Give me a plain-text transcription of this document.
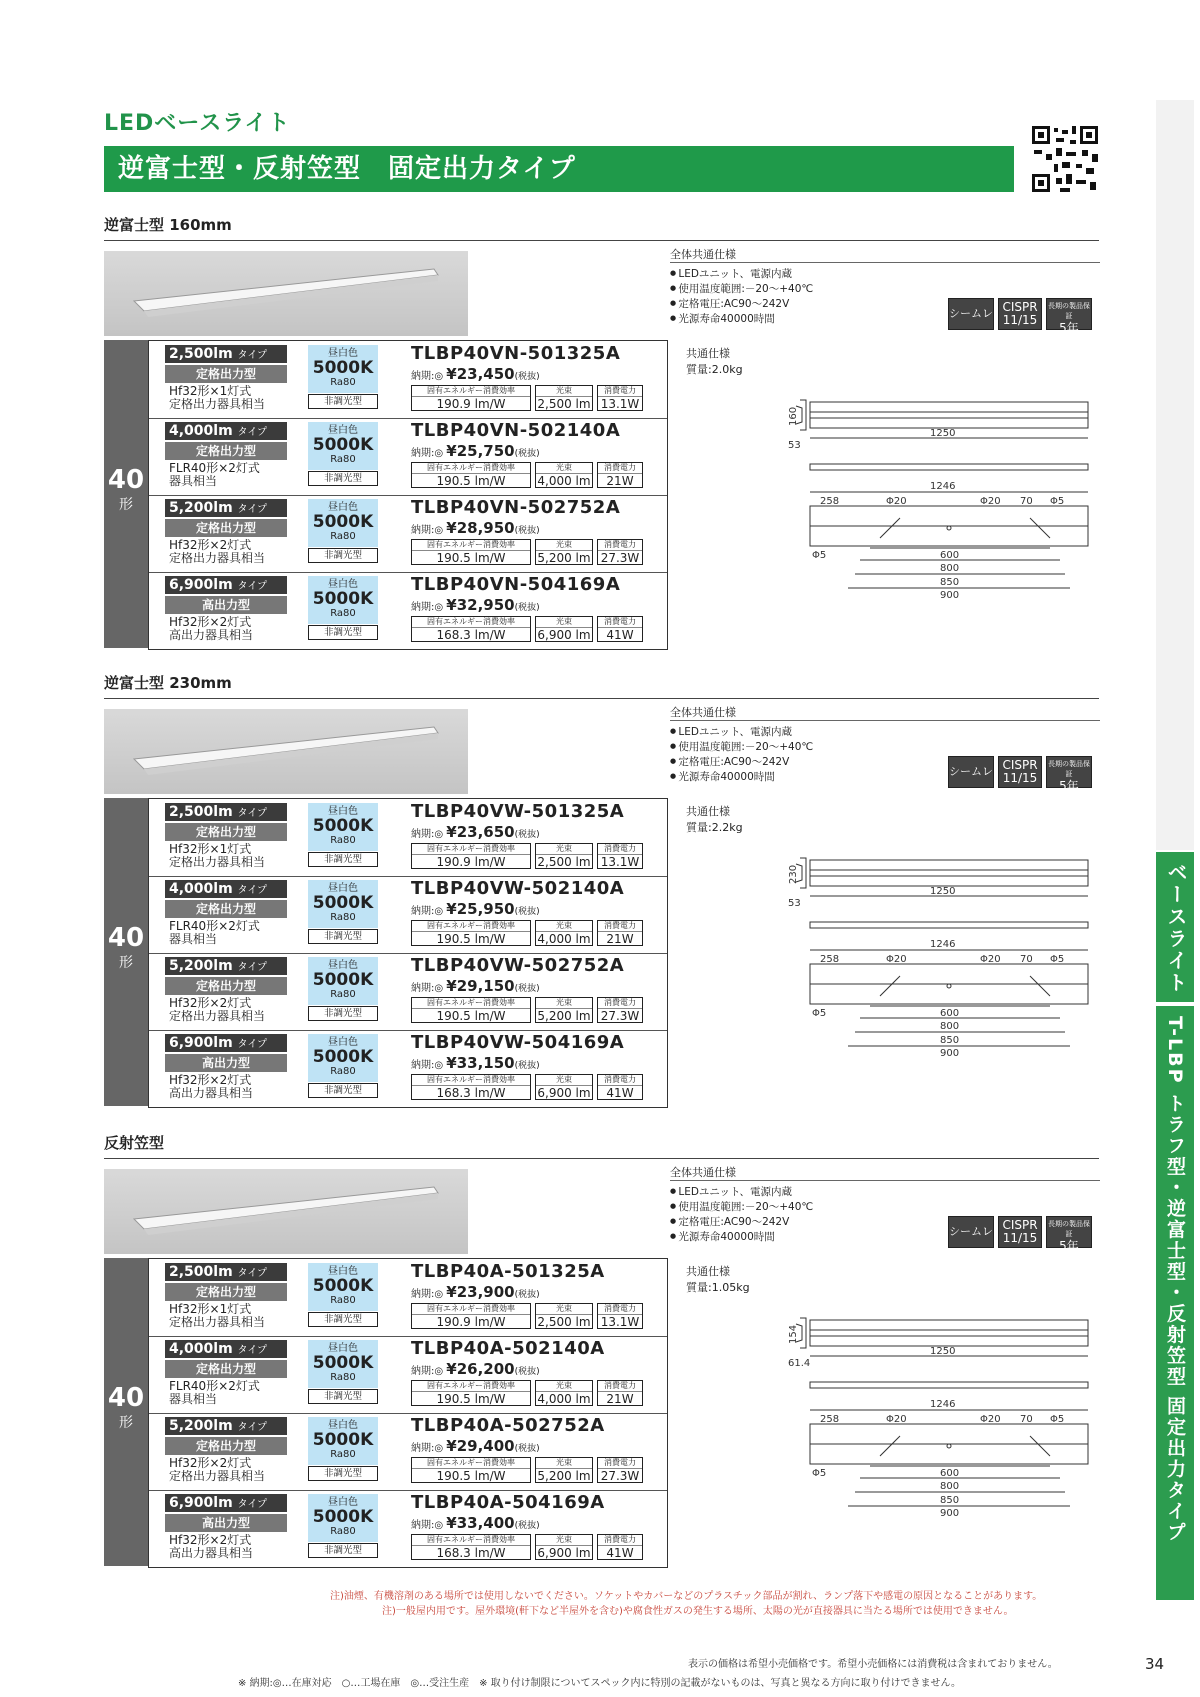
LEDベースライト
逆富士型・反射笠型　固定出力タイプ
ベースライト
T-LBP トラフ型・逆富士型・反射笠型 固定出力タイプ
逆富士型 160mm
全体共通仕様
● LEDユニット、電源内蔵
● 使用温度範囲:－20～+40℃
● 定格電圧:AC90～242V
● 光源寿命40000時間	シームレス
CISPR
11/15
長期の製品保証
5年
40
形
2,500lm タイプ
定格出力型
Hf32形×1灯式
定格出力器具相当
昼白色
5000K
Ra80
非調光型
TLBP40VN-501325A
納期:◎ ¥23,450(税抜)
固有エネルギー消費効率
190.9 lm/W
光束
2,500 lm
消費電力
13.1W
4,000lm タイプ
定格出力型
FLR40形×2灯式
器具相当
昼白色
5000K
Ra80
非調光型
TLBP40VN-502140A
納期:◎ ¥25,750(税抜)
固有エネルギー消費効率
190.5 lm/W
光束
4,000 lm
消費電力
21W
5,200lm タイプ
定格出力型
Hf32形×2灯式
定格出力器具相当
昼白色
5000K
Ra80
非調光型
TLBP40VN-502752A
納期:◎ ¥28,950(税抜)
固有エネルギー消費効率
190.5 lm/W
光束
5,200 lm
消費電力
27.3W
6,900lm タイプ
高出力型
Hf32形×2灯式
高出力器具相当
昼白色
5000K
Ra80
非調光型
TLBP40VN-504169A
納期:◎ ¥32,950(税抜)
固有エネルギー消費効率
168.3 lm/W
光束
6,900 lm
消費電力
41W
共通仕様
質量:2.0kg
1250
1246
258	Φ20	Φ20 70 Φ5
Φ5	600
800
850
900
160
53
逆富士型 230mm
全体共通仕様
● LEDユニット、電源内蔵
● 使用温度範囲:－20～+40℃
● 定格電圧:AC90～242V
● 光源寿命40000時間	シームレス
CISPR
11/15
長期の製品保証
5年
40
形
2,500lm タイプ
定格出力型
Hf32形×1灯式
定格出力器具相当
昼白色
5000K
Ra80
非調光型
TLBP40VW-501325A
納期:◎ ¥23,650(税抜)
固有エネルギー消費効率
190.9 lm/W
光束
2,500 lm
消費電力
13.1W
4,000lm タイプ
定格出力型
FLR40形×2灯式
器具相当
昼白色
5000K
Ra80
非調光型
TLBP40VW-502140A
納期:◎ ¥25,950(税抜)
固有エネルギー消費効率
190.5 lm/W
光束
4,000 lm
消費電力
21W
5,200lm タイプ
定格出力型
Hf32形×2灯式
定格出力器具相当
昼白色
5000K
Ra80
非調光型
TLBP40VW-502752A
納期:◎ ¥29,150(税抜)
固有エネルギー消費効率
190.5 lm/W
光束
5,200 lm
消費電力
27.3W
6,900lm タイプ
高出力型
Hf32形×2灯式
高出力器具相当
昼白色
5000K
Ra80
非調光型
TLBP40VW-504169A
納期:◎ ¥33,150(税抜)
固有エネルギー消費効率
168.3 lm/W
光束
6,900 lm
消費電力
41W
共通仕様
質量:2.2kg
1250
1246
258	Φ20	Φ20 70 Φ5
Φ5	600
800
850
900
230
53
反射笠型
全体共通仕様
● LEDユニット、電源内蔵
● 使用温度範囲:－20～+40℃
● 定格電圧:AC90～242V
● 光源寿命40000時間	シームレス
CISPR
11/15
長期の製品保証
5年
40
形
2,500lm タイプ
定格出力型
Hf32形×1灯式
定格出力器具相当
昼白色
5000K
Ra80
非調光型
TLBP40A-501325A
納期:◎ ¥23,900(税抜)
固有エネルギー消費効率
190.9 lm/W
光束
2,500 lm
消費電力
13.1W
4,000lm タイプ
定格出力型
FLR40形×2灯式
器具相当
昼白色
5000K
Ra80
非調光型
TLBP40A-502140A
納期:◎ ¥26,200(税抜)
固有エネルギー消費効率
190.5 lm/W
光束
4,000 lm
消費電力
21W
5,200lm タイプ
定格出力型
Hf32形×2灯式
定格出力器具相当
昼白色
5000K
Ra80
非調光型
TLBP40A-502752A
納期:◎ ¥29,400(税抜)
固有エネルギー消費効率
190.5 lm/W
光束
5,200 lm
消費電力
27.3W
6,900lm タイプ
高出力型
Hf32形×2灯式
高出力器具相当
昼白色
5000K
Ra80
非調光型
TLBP40A-504169A
納期:◎ ¥33,400(税抜)
固有エネルギー消費効率
168.3 lm/W
光束
6,900 lm
消費電力
41W
共通仕様
質量:1.05kg
1250
1246
258	Φ20	Φ20 70 Φ5
Φ5	600
800
850
900
154
61.4
注)油煙、有機溶剤のある場所では使用しないでください。ソケットやカバーなどのプラスチック部品が割れ、ランプ落下や感電の原因となることがあります。
注)一般屋内用です。屋外環境(軒下など半屋外を含む)や腐食性ガスの発生する場所、太陽の光が直接器具に当たる場所では使用できません。
表示の価格は希望小売価格です。希望小売価格には消費税は含まれておりません。
※ 納期:◎…在庫対応　○…工場在庫　◎…受注生産　※ 取り付け制限についてスペック内に特別の記載がないものは、写真と異なる方向に取り付けできません。
34
